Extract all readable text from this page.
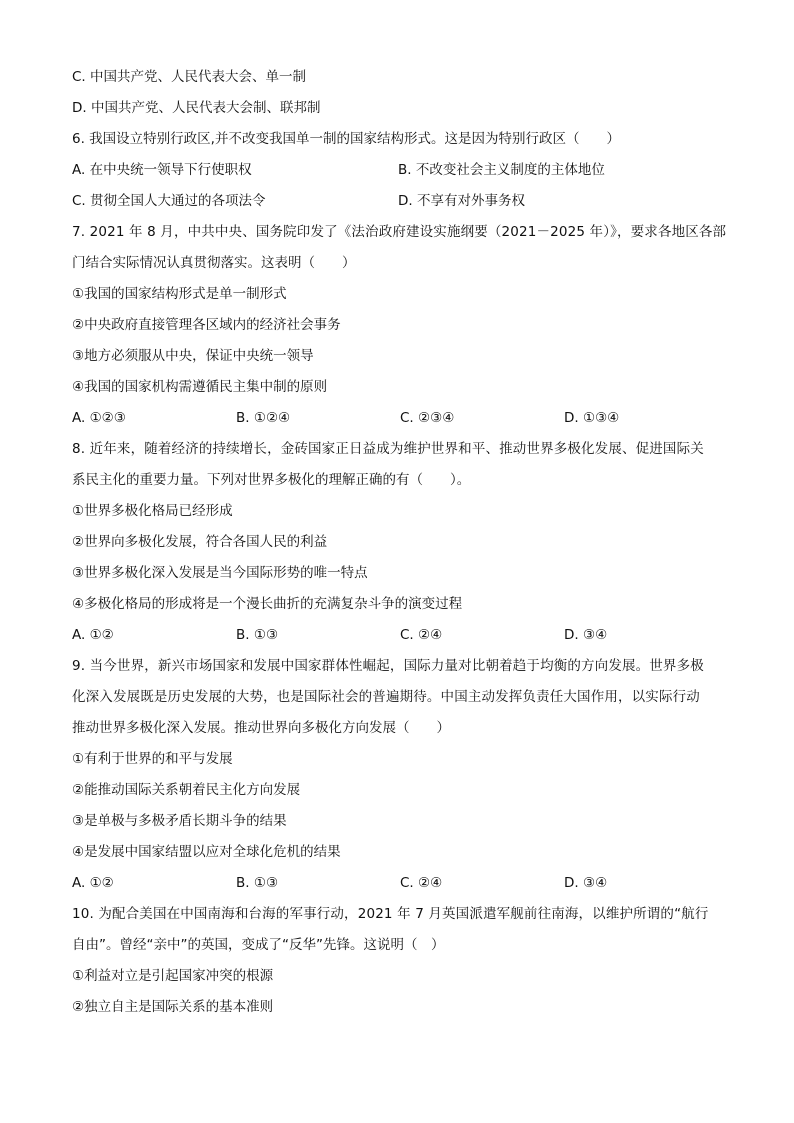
C. 中国共产党、人民代表大会、单一制
D. 中国共产党、人民代表大会制、联邦制
6. 我国设立特别行政区,并不改变我国单一制的国家结构形式。这是因为特别行政区（　　）
A. 在中央统一领导下行使职权	B. 不改变社会主义制度的主体地位
C. 贯彻全国人大通过的各项法令	D. 不享有对外事务权
7. 2021 年 8 月，中共中央、国务院印发了《法治政府建设实施纲要（2021－2025 年）》，要求各地区各部
门结合实际情况认真贯彻落实。这表明（　　）
①我国的国家结构形式是单一制形式
②中央政府直接管理各区域内的经济社会事务
③地方必须服从中央，保证中央统一领导
④我国的国家机构需遵循民主集中制的原则
A. ①②③	B. ①②④	C. ②③④	D. ①③④
8. 近年来，随着经济的持续增长，金砖国家正日益成为维护世界和平、推动世界多极化发展、促进国际关
系民主化的重要力量。下列对世界多极化的理解正确的有（　　）。
①世界多极化格局已经形成
②世界向多极化发展，符合各国人民的利益
③世界多极化深入发展是当今国际形势的唯一特点
④多极化格局的形成将是一个漫长曲折的充满复杂斗争的演变过程
A. ①②	B. ①③	C. ②④	D. ③④
9. 当今世界，新兴市场国家和发展中国家群体性崛起，国际力量对比朝着趋于均衡的方向发展。世界多极
化深入发展既是历史发展的大势，也是国际社会的普遍期待。中国主动发挥负责任大国作用，以实际行动
推动世界多极化深入发展。推动世界向多极化方向发展（　　）
①有利于世界的和平与发展
②能推动国际关系朝着民主化方向发展
③是单极与多极矛盾长期斗争的结果
④是发展中国家结盟以应对全球化危机的结果
A. ①②	B. ①③	C. ②④	D. ③④
10. 为配合美国在中国南海和台海的军事行动，2021 年 7 月英国派遣军舰前往南海，以维护所谓的“航行
自由”。曾经“亲中”的英国，变成了“反华”先锋。这说明（　）
①利益对立是引起国家冲突的根源
②独立自主是国际关系的基本准则
